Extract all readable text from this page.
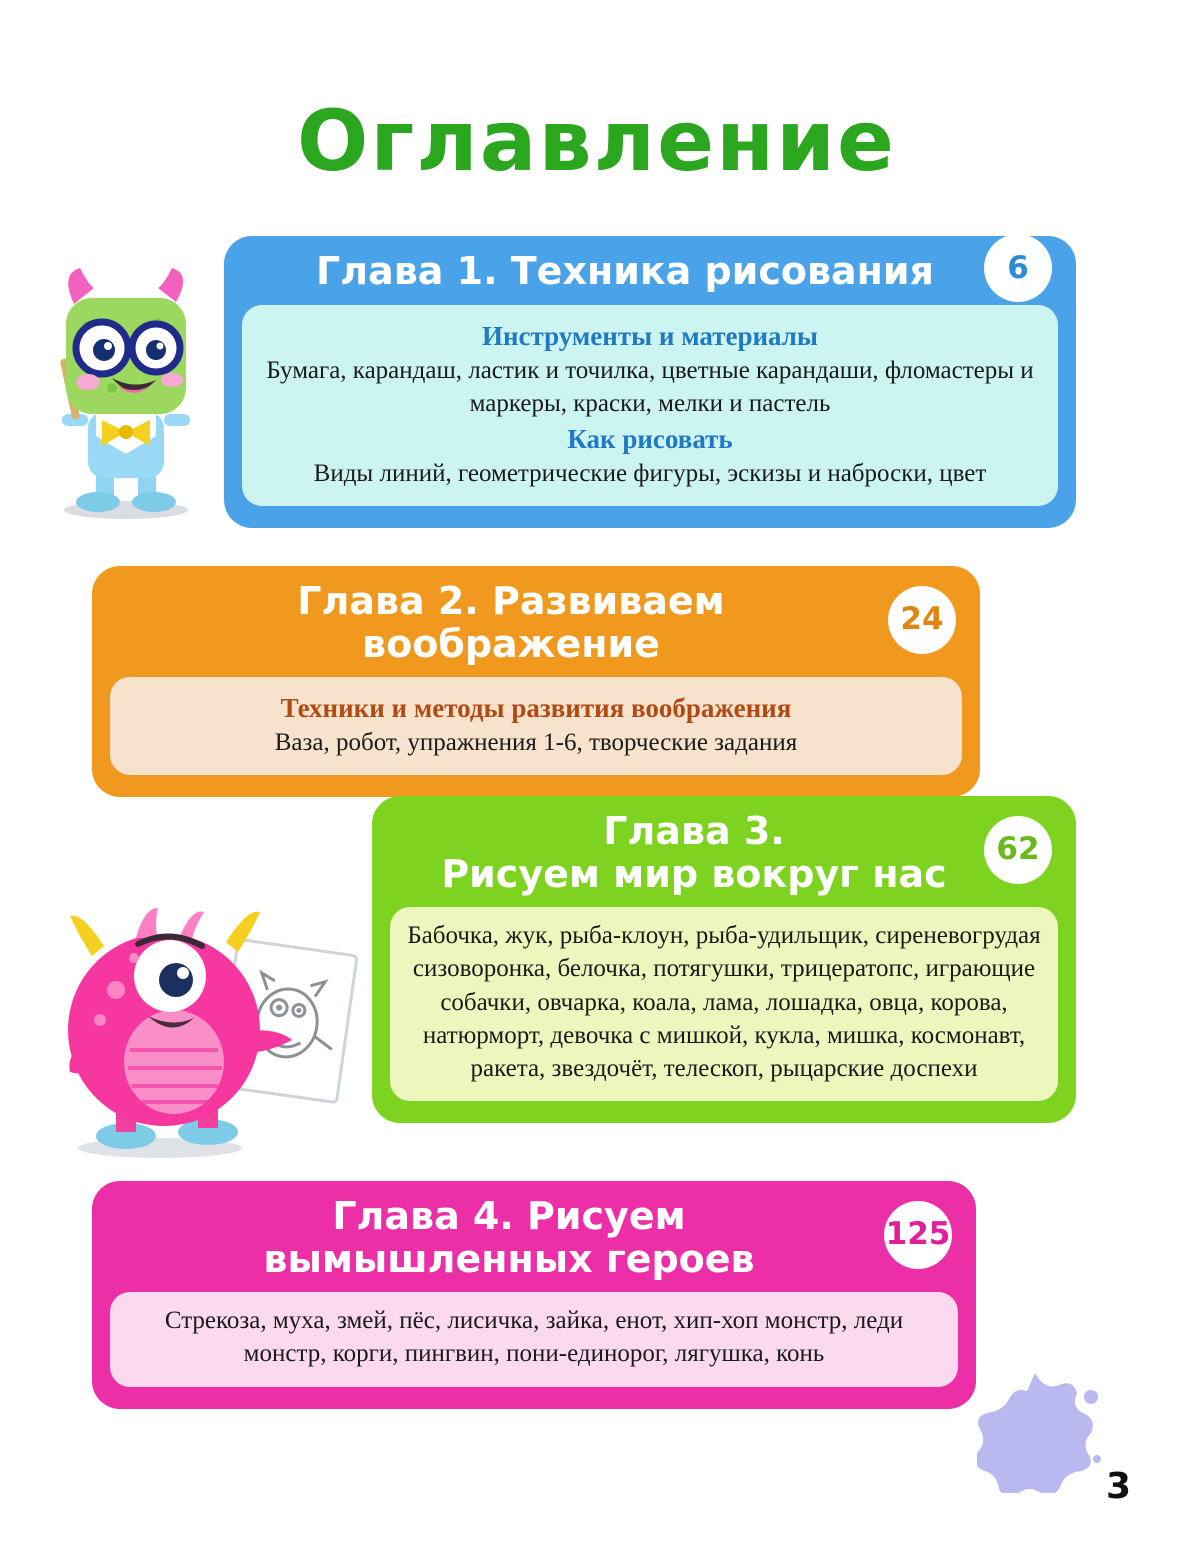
Оглавление
Глава 1. Техника рисования	6
Инструменты и материалы
Бумага, карандаш, ластик и точилка, цветные карандаши, фломастеры и маркеры, краски, мелки и пастель
Как рисовать
Виды линий, геометрические фигуры, эскизы и наброски, цвет
Глава 2. Развиваем воображение
24
Техники и методы развития воображения
Ваза, робот, упражнения 1-6, творческие задания
Глава 3.
Рисуем мир вокруг нас
62
Бабочка, жук, рыба-клоун, рыба-удильщик, сиреневогрудая сизоворонка, белочка, потягушки, трицератопс, играющие собачки, овчарка, коала, лама, лошадка, овца, корова, натюрморт, девочка с мишкой, кукла, мишка, космонавт, ракета, звездочёт, телескоп, рыцарские доспехи
Глава 4. Рисуем
вымышленных героев
125
Стрекоза, муха, змей, пёс, лисичка, зайка, енот, хип-хоп монстр, леди монстр, корги, пингвин, пони-единорог, лягушка, конь
3
